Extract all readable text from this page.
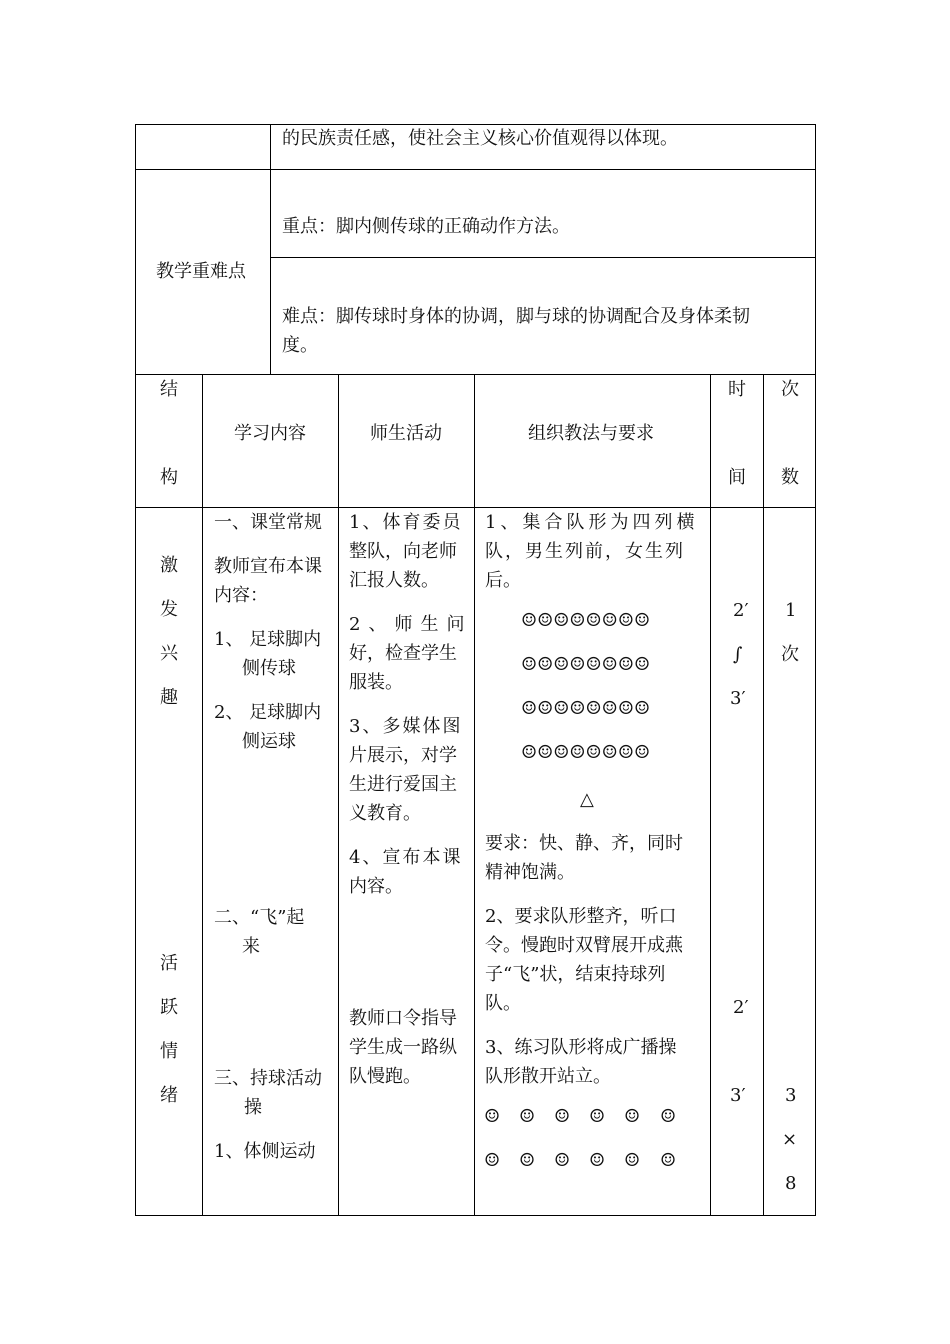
的民族责任感，使社会主义核心价值观得以体现。
教学重难点
重点：脚内侧传球的正确动作方法。
难点：脚传球时身体的协调，脚与球的协调配合及身体柔韧
度。
结
构
学习内容	师生活动	组织教法与要求
时
间
次
数
激
发
兴
趣
活
跃
情
绪
一、课堂常规
教师宣布本课
内容：
1、 足球脚内
侧传球
2、 足球脚内
侧运球
二、“飞”起
来
三、持球活动
操
1、体侧运动
1、体育委员
整队，向老师
汇报人数。
2、师生问
好，检查学生
服装。
3、多媒体图
片展示，对学
生进行爱国主
义教育。
4、宣布本课
内容。
教师口令指导
学生成一路纵
队慢跑。
1、集合队形为四列横
队，男生列前，女生列
后。
☺☺☺☺☺☺☺☺
☺☺☺☺☺☺☺☺
☺☺☺☺☺☺☺☺
☺☺☺☺☺☺☺☺
△
要求：快、静、齐，同时
精神饱满。
2、要求队形整齐，听口
令。慢跑时双臂展开成燕
子“飞”状，结束持球列
队。
3、练习队形将成广播操
队形散开站立。
☺ ☺ ☺ ☺ ☺ ☺
☺ ☺ ☺ ☺ ☺ ☺
2′
∫
3′
2′
3′
1
次
3
×
8
